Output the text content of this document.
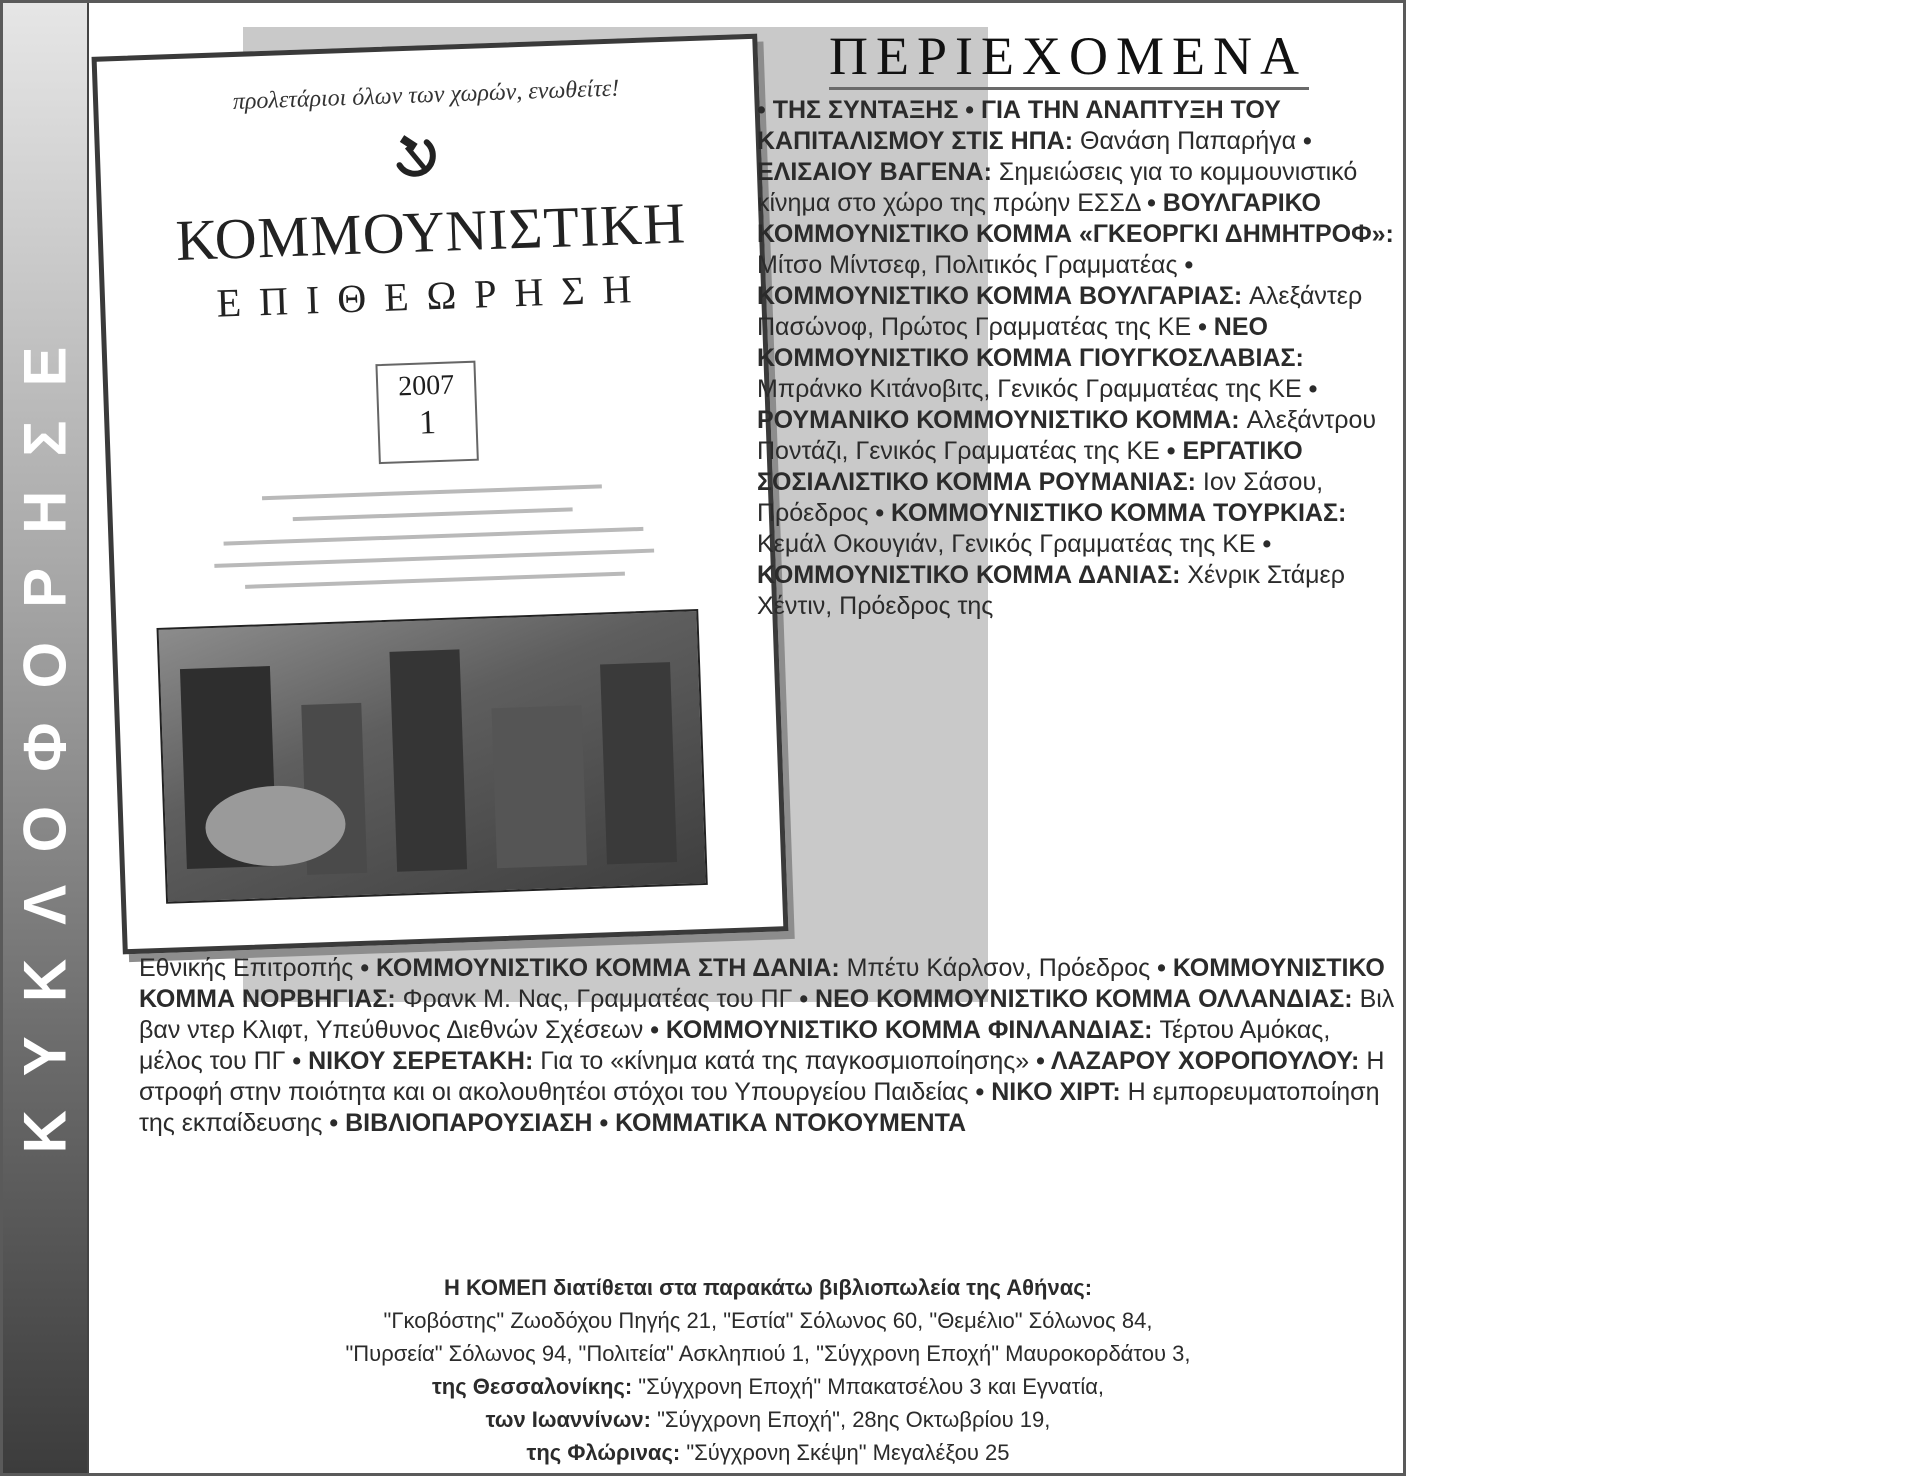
ΚΥΚΛΟΦΟΡΗΣΕ
προλετάριοι όλων των χωρών, ενωθείτε!
ΚΟΜΜΟΥΝΙΣΤΙΚΗ
ΕΠΙΘΕΩΡΗΣΗ
2007
1
ΠΕΡΙΕΧΟΜΕΝΑ
• ΤΗΣ ΣΥΝΤΑΞΗΣ • ΓΙΑ ΤΗΝ ΑΝΑΠΤΥΞΗ ΤΟΥ ΚΑΠΙΤΑΛΙΣΜΟΥ ΣΤΙΣ ΗΠΑ: Θανάση Παπαρήγα • ΕΛΙΣΑΙΟΥ ΒΑΓΕΝΑ: Σημειώσεις για το κομμουνιστικό κίνημα στο χώρο της πρώην ΕΣΣΔ • ΒΟΥΛΓΑΡΙΚΟ ΚΟΜΜΟΥΝΙΣΤΙΚΟ ΚΟΜΜΑ «ΓΚΕΟΡΓΚΙ ΔΗΜΗΤΡΟΦ»: Μίτσο Μίντσεφ, Πολιτικός Γραμματέας • ΚΟΜΜΟΥΝΙΣΤΙΚΟ ΚΟΜΜΑ ΒΟΥΛΓΑΡΙΑΣ: Αλεξάντερ Πασώνοφ, Πρώτος Γραμματέας της ΚΕ • ΝΕΟ ΚΟΜΜΟΥΝΙΣΤΙΚΟ ΚΟΜΜΑ ΓΙΟΥΓΚΟΣΛΑΒΙΑΣ: Μπράνκο Κιτάνοβιτς, Γενικός Γραμματέας της ΚΕ • ΡΟΥΜΑΝΙΚΟ ΚΟΜΜΟΥΝΙΣΤΙΚΟ ΚΟΜΜΑ: Αλεξάντρου Ποντάζι, Γενικός Γραμματέας της ΚΕ • ΕΡΓΑΤΙΚΟ ΣΟΣΙΑΛΙΣΤΙΚΟ ΚΟΜΜΑ ΡΟΥΜΑΝΙΑΣ: Ιον Σάσου, Πρόεδρος • ΚΟΜΜΟΥΝΙΣΤΙΚΟ ΚΟΜΜΑ ΤΟΥΡΚΙΑΣ: Κεμάλ Οκουγιάν, Γενικός Γραμματέας της ΚΕ • ΚΟΜΜΟΥΝΙΣΤΙΚΟ ΚΟΜΜΑ ΔΑΝΙΑΣ: Χένρικ Στάμερ Χέντιν, Πρόεδρος της
Εθνικής Επιτροπής • ΚΟΜΜΟΥΝΙΣΤΙΚΟ ΚΟΜΜΑ ΣΤΗ ΔΑΝΙΑ: Μπέτυ Κάρλσον, Πρόεδρος • ΚΟΜΜΟΥΝΙΣΤΙΚΟ ΚΟΜΜΑ ΝΟΡΒΗΓΙΑΣ: Φρανκ Μ. Νας, Γραμματέας του ΠΓ • ΝΕΟ ΚΟΜΜΟΥΝΙΣΤΙΚΟ ΚΟΜΜΑ ΟΛΛΑΝΔΙΑΣ: Βιλ βαν ντερ Κλιφτ, Υπεύθυνος Διεθνών Σχέσεων • ΚΟΜΜΟΥΝΙΣΤΙΚΟ ΚΟΜΜΑ ΦΙΝΛΑΝΔΙΑΣ: Τέρτου Αμόκας, μέλος του ΠΓ • ΝΙΚΟΥ ΣΕΡΕΤΑΚΗ: Για το «κίνημα κατά της παγκοσμιοποίησης» • ΛΑΖΑΡΟΥ ΧΟΡΟΠΟΥΛΟΥ: Η στροφή στην ποιότητα και οι ακολουθητέοι στόχοι του Υπουργείου Παιδείας • ΝΙΚΟ ΧΙΡΤ: Η εμπορευματοποίηση της εκπαίδευσης • ΒΙΒΛΙΟΠΑΡΟΥΣΙΑΣΗ • ΚΟΜΜΑΤΙΚΑ ΝΤΟΚΟΥΜΕΝΤΑ
Η ΚΟΜΕΠ διατίθεται στα παρακάτω βιβλιοπωλεία της Αθήνας:
"Γκοβόστης" Ζωοδόχου Πηγής 21, "Εστία" Σόλωνος 60, "Θεμέλιο" Σόλωνος 84,
"Πυρσεία" Σόλωνος 94, "Πολιτεία" Ασκληπιού 1, "Σύγχρονη Εποχή" Μαυροκορδάτου 3,
της Θεσσαλονίκης: "Σύγχρονη Εποχή" Μπακατσέλου 3 και Εγνατία,
των Ιωαννίνων: "Σύγχρονη Εποχή", 28ης Οκτωβρίου 19,
της Φλώρινας: "Σύγχρονη Σκέψη" Μεγαλέξου 25
